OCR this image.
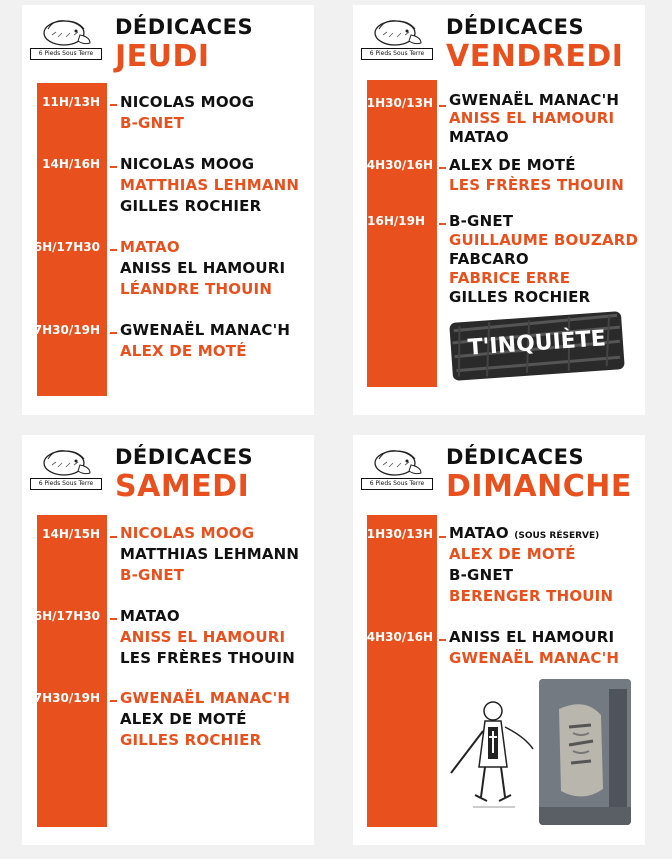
6 Pieds Sous Terre
DÉDICACES
JEUDI
11H/13H NICOLAS MOOG
B-GNET
14H/16H NICOLAS MOOG
MATTHIAS LEHMANN
GILLES ROCHIER
16H/17H30 MATAO
ANISS EL HAMOURI
LÉANDRE THOUIN
17H30/19H GWENAËL MANAC'H
ALEX DE MOTÉ
6 Pieds Sous Terre
DÉDICACES
VENDREDI
11H30/13H GWENAËL MANAC'H
ANISS EL HAMOURI
MATAO
14H30/16H ALEX DE MOTÉ
LES FRÈRES THOUIN
16H/19H B-GNET
GUILLAUME BOUZARD
FABCARO
FABRICE ERRE
GILLES ROCHIER
T'INQUIÈTE
6 Pieds Sous Terre
DÉDICACES
SAMEDI
14H/15H NICOLAS MOOG
MATTHIAS LEHMANN
B-GNET
16H/17H30 MATAO
ANISS EL HAMOURI
LES FRÈRES THOUIN
17H30/19H GWENAËL MANAC'H
ALEX DE MOTÉ
GILLES ROCHIER
6 Pieds Sous Terre
DÉDICACES
DIMANCHE
11H30/13H MATAO (SOUS RÉSERVE)
ALEX DE MOTÉ
B-GNET
BERENGER THOUIN
14H30/16H ANISS EL HAMOURI
GWENAËL MANAC'H
